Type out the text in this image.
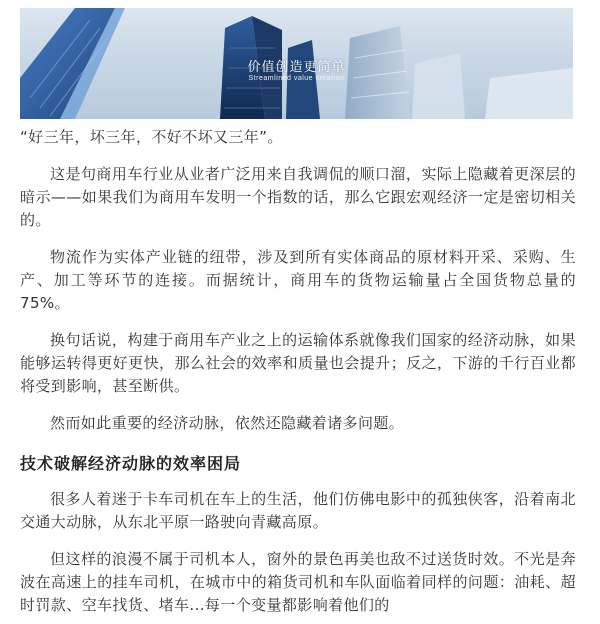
价值创造更简单
Streamlined value creation

“好三年，坏三年，不好不坏又三年”。

这是句商用车行业从业者广泛用来自我调侃的顺口溜，实际上隐藏着更深层的暗示——如果我们为商用车发明一个指数的话，那么它跟宏观经济一定是密切相关的。

物流作为实体产业链的纽带，涉及到所有实体商品的原材料开采、采购、生产、加工等环节的连接。而据统计，商用车的货物运输量占全国货物总量的75%。

换句话说，构建于商用车产业之上的运输体系就像我们国家的经济动脉，如果能够运转得更好更快，那么社会的效率和质量也会提升；反之，下游的千行百业都将受到影响，甚至断供。

然而如此重要的经济动脉，依然还隐藏着诸多问题。

技术破解经济动脉的效率困局

很多人着迷于卡车司机在车上的生活，他们仿佛电影中的孤独侠客，沿着南北交通大动脉，从东北平原一路驶向青藏高原。

但这样的浪漫不属于司机本人，窗外的景色再美也敌不过送货时效。不光是奔波在高速上的挂车司机，在城市中的箱货司机和车队面临着同样的问题：油耗、超时罚款、空车找货、堵车...每一个变量都影响着他们的
